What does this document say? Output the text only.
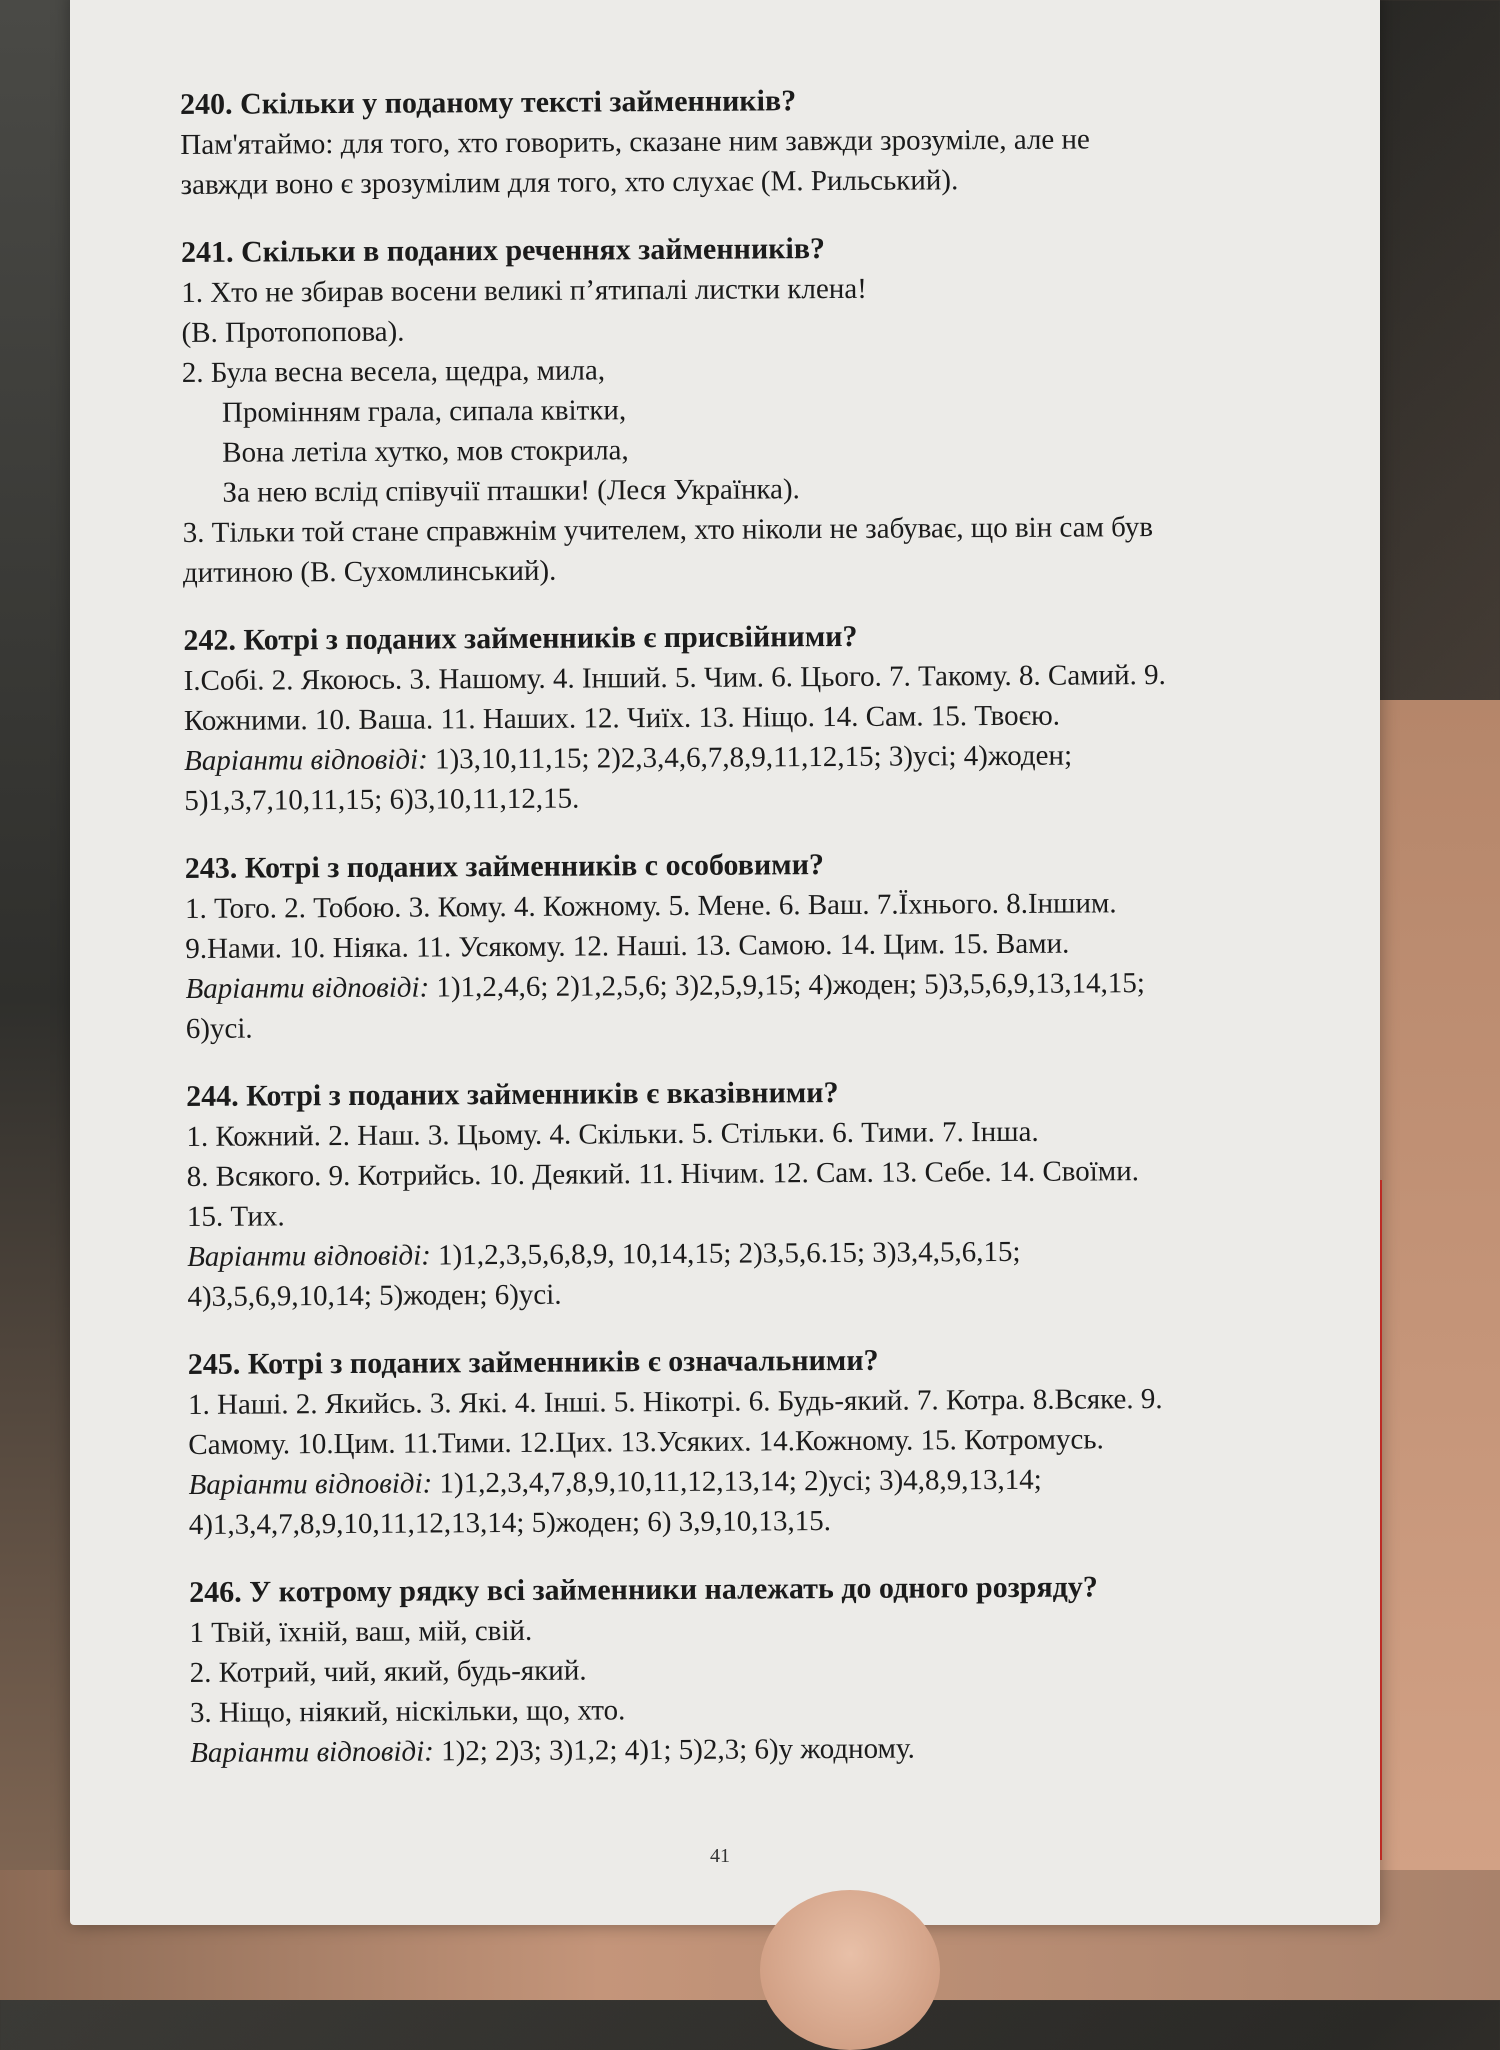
240. Скільки у поданому тексті займенників?
Пам'ятаймо: для того, хто говорить, сказане ним завжди зрозуміле, але не
завжди воно є зрозумілим для того, хто слухає (М. Рильський).
241. Скільки в поданих реченнях займенників?
1. Хто не збирав восени великі п’ятипалі листки клена!
(В. Протопопова).
2. Була весна весела, щедра, мила,
Промінням грала, сипала квітки,
Вона летіла хутко, мов стокрила,
За нею вслід співучії пташки! (Леся Українка).
3. Тільки той стане справжнім учителем, хто ніколи не забуває, що він сам був
дитиною (В. Сухомлинський).
242. Котрі з поданих займенників є присвійними?
І.Собі. 2. Якоюсь. 3. Нашому. 4. Інший. 5. Чим. 6. Цього. 7. Такому. 8. Самий. 9.
Кожними. 10. Ваша. 11. Наших. 12. Чиїх. 13. Ніщо. 14. Сам. 15. Твоєю.
Варіанти відповіді: 1)3,10,11,15; 2)2,3,4,6,7,8,9,11,12,15; 3)усі; 4)жоден;
5)1,3,7,10,11,15; 6)3,10,11,12,15.
243. Котрі з поданих займенників с особовими?
1. Того. 2. Тобою. 3. Кому. 4. Кожному. 5. Мене. 6. Ваш. 7.Їхнього. 8.Іншим.
9.Нами. 10. Ніяка. 11. Усякому. 12. Наші. 13. Самою. 14. Цим. 15. Вами.
Варіанти відповіді: 1)1,2,4,6; 2)1,2,5,6; 3)2,5,9,15; 4)жоден; 5)3,5,6,9,13,14,15;
6)усі.
244. Котрі з поданих займенників є вказівними?
1. Кожний. 2. Наш. 3. Цьому. 4. Скільки. 5. Стільки. 6. Тими. 7. Інша.
8. Всякого. 9. Котрийсь. 10. Деякий. 11. Нічим. 12. Сам. 13. Себе. 14. Своїми.
15. Тих.
Варіанти відповіді: 1)1,2,3,5,6,8,9, 10,14,15; 2)3,5,6.15; 3)3,4,5,6,15;
4)3,5,6,9,10,14; 5)жоден; 6)усі.
245. Котрі з поданих займенників є означальними?
1. Наші. 2. Якийсь. 3. Які. 4. Інші. 5. Нікотрі. 6. Будь-який. 7. Котра. 8.Всяке. 9.
Самому. 10.Цим. 11.Тими. 12.Цих. 13.Усяких. 14.Кожному. 15. Котромусь.
Варіанти відповіді: 1)1,2,3,4,7,8,9,10,11,12,13,14; 2)усі; 3)4,8,9,13,14;
4)1,3,4,7,8,9,10,11,12,13,14; 5)жоден; 6) 3,9,10,13,15.
246. У котрому рядку всі займенники належать до одного розряду?
1 Твій, їхній, ваш, мій, свій.
2. Котрий, чий, який, будь-який.
3. Ніщо, ніякий, нiскільки, що, хто.
Варіанти відповіді: 1)2; 2)3; 3)1,2; 4)1; 5)2,3; 6)у жодному.
41
